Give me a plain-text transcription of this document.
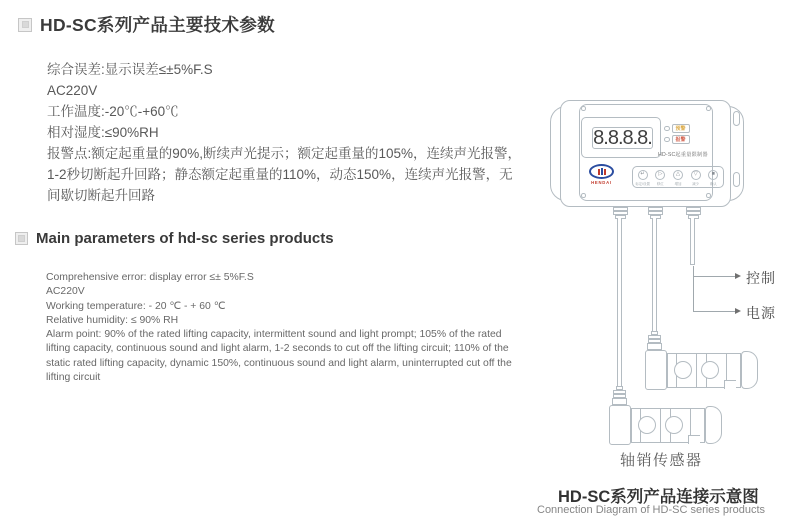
HD-SC系列产品主要技术参数
综合误差:显示误差≤±5%F.S
AC220V
工作温度:-20℃-+60℃
相对湿度:≤90%RH
报警点:额定起重量的90%,断续声光提示；额定起重量的105%，连续声光报警，
1-2秒切断起升回路；静态额定起重量的110%，动态150%，连续声光报警，无
间歇切断起升回路
Main parameters of hd-sc series products
Comprehensive error: display error ≤± 5%F.S
AC220V
Working temperature: - 20 ℃ - + 60 ℃
Relative humidity: ≤ 90% RH
Alarm point: 90% of the rated lifting capacity, intermittent sound and light prompt; 105% of the rated
lifting capacity, continuous sound and light alarm, 1-2 seconds to cut off the lifting circuit; 110% of the
static rated lifting capacity, dynamic 150%, continuous sound and light alarm, uninterrupted cut off the
lifting circuit
8.8.8.8.	预警
报警
HD-SC起重量限制器
HENDAI
↵
标定/设置
▷
移位
△
增加
▽
减少
■
确认
控制
电源
轴销传感器
HD-SC系列产品连接示意图
Connection Diagram of HD-SC series products
